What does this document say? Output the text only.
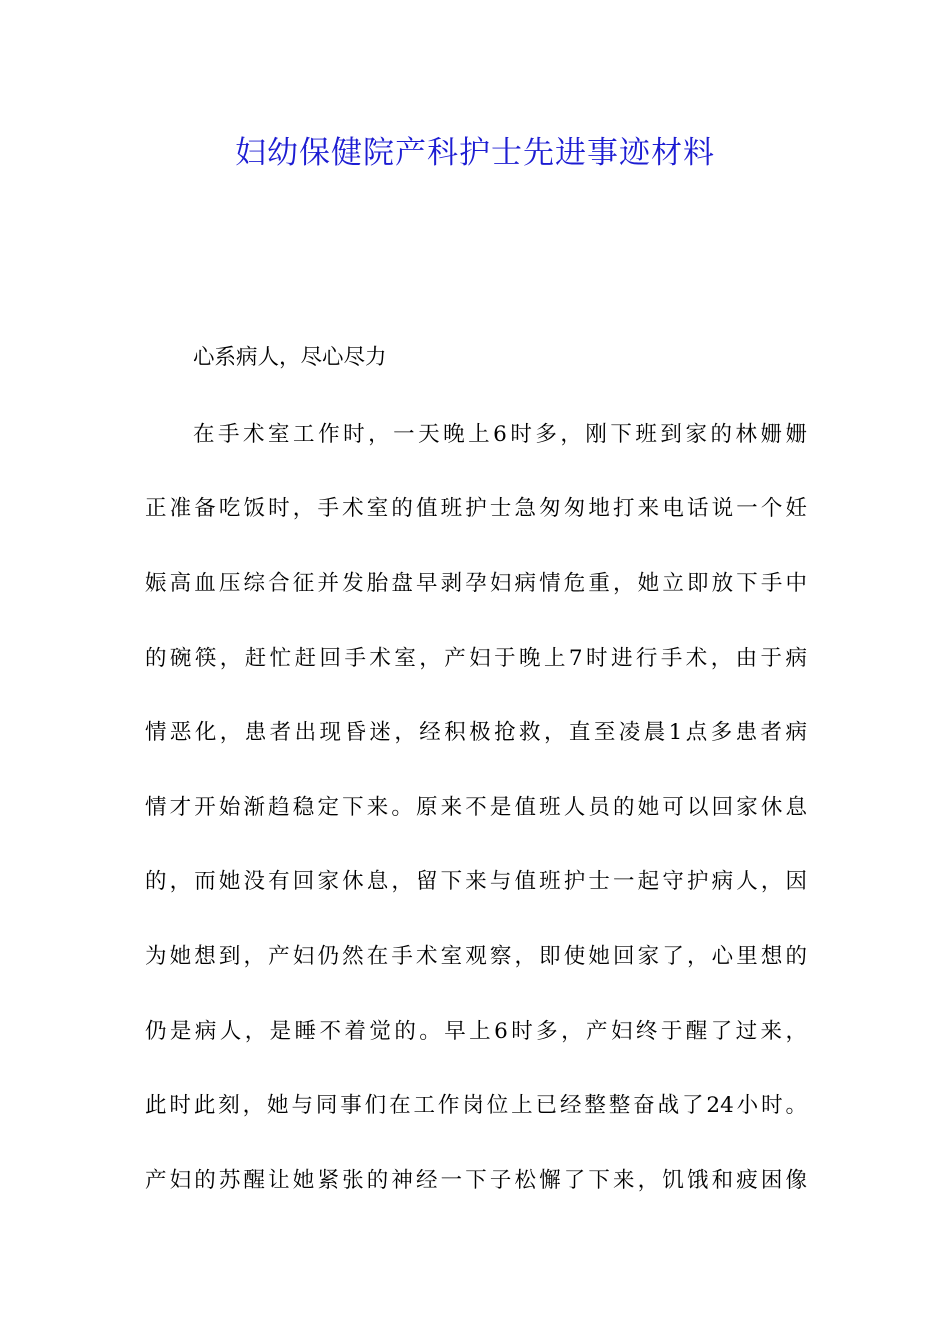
妇幼保健院产科护士先进事迹材料
心系病人，尽心尽力
在手术室工作时，一天晚上6时多，刚下班到家的林姗姗
正准备吃饭时，手术室的值班护士急匆匆地打来电话说一个妊
娠高血压综合征并发胎盘早剥孕妇病情危重，她立即放下手中
的碗筷，赶忙赶回手术室，产妇于晚上7时进行手术，由于病
情恶化，患者出现昏迷，经积极抢救，直至凌晨1点多患者病
情才开始渐趋稳定下来。原来不是值班人员的她可以回家休息
的，而她没有回家休息，留下来与值班护士一起守护病人，因
为她想到，产妇仍然在手术室观察，即使她回家了，心里想的
仍是病人，是睡不着觉的。早上6时多，产妇终于醒了过来，
此时此刻，她与同事们在工作岗位上已经整整奋战了24小时。
产妇的苏醒让她紧张的神经一下子松懈了下来，饥饿和疲困像
